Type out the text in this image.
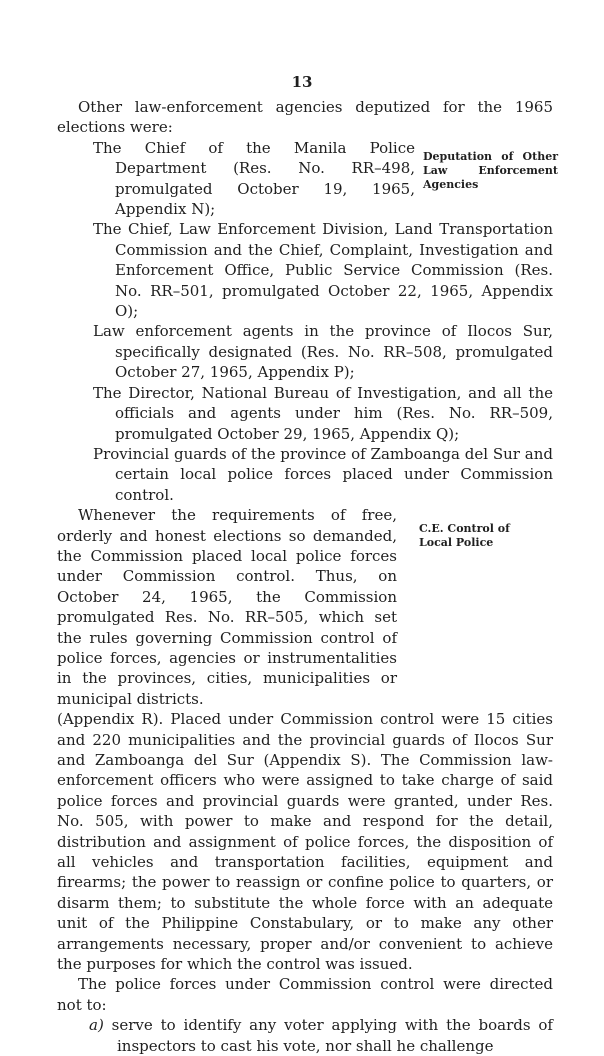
13
Deputation of Other
Law Enforcement
Agencies
C.E. Control of
Local Police

Other law-enforcement agencies deputized for the 1965 elections were:

The Chief of the Manila Police Department (Res. No. RR–498, promulgated October 19, 1965, Appendix N);
The Chief, Law Enforcement Division, Land Transportation Commission and the Chief, Complaint, Investigation and Enforcement Office, Public Service Commission (Res. No. RR–501, promulgated October 22, 1965, Appendix O);
Law enforcement agents in the province of Ilocos Sur, specifically designated (Res. No. RR–508, promulgated October 27, 1965, Appendix P);
The Director, National Bureau of Investigation, and all the officials and agents under him (Res. No. RR–509, promulgated October 29, 1965, Appendix Q);
Provincial guards of the province of Zamboanga del Sur and certain local police forces placed under Commission control.

Whenever the requirements of free, orderly and honest elections so demanded, the Commission placed local police forces under Commission control. Thus, on October 24, 1965, the Commission promulgated Res. No. RR–505, which set the rules governing Commission control of police forces, agencies or instrumentalities in the provinces, cities, municipalities or municipal districts.

(Appendix R). Placed under Commission control were 15 cities and 220 municipalities and the provincial guards of Ilocos Sur and Zamboanga del Sur (Appendix S). The Commission law-enforcement officers who were assigned to take charge of said police forces and provincial guards were granted, under Res. No. 505, with power to make and respond for the detail, distribution and assignment of police forces, the disposition of all vehicles and transportation facilities, equipment and firearms; the power to reassign or confine police to quarters, or disarm them; to substitute the whole force with an adequate unit of the Philippine Constabulary, or to make any other arrangements necessary, proper and/or convenient to achieve the purposes for which the control was issued.

The police forces under Commission control were directed not to:

a) serve to identify any voter applying with the boards of inspectors to cast his vote, nor shall he challenge
